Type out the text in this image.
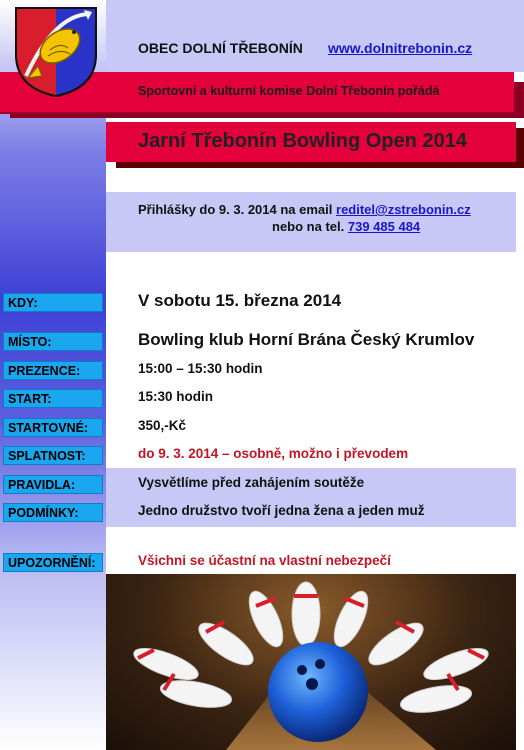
OBEC DOLNÍ TŘEBONÍN www.dolnitrebonin.cz
Sportovní a kulturní komise Dolní Třebonín pořádá
Jarní Třebonín Bowling Open 2014
Přihlášky do 9. 3. 2014 na email reditel@zstrebonin.cz
nebo na tel. 739 485 484
KDY:	V sobotu 15. března 2014
MÍSTO:	Bowling klub Horní Brána Český Krumlov
PREZENCE:	15:00 – 15:30 hodin
START:	15:30 hodin
STARTOVNÉ:	350,-Kč
SPLATNOST:	do 9. 3. 2014 – osobně, možno i převodem
PRAVIDLA:	Vysvětlíme před zahájením soutěže
PODMÍNKY:	Jedno družstvo tvoří jedna žena a jeden muž
UPOZORNĚNÍ:	Všichni se účastní na vlastní nebezpečí
